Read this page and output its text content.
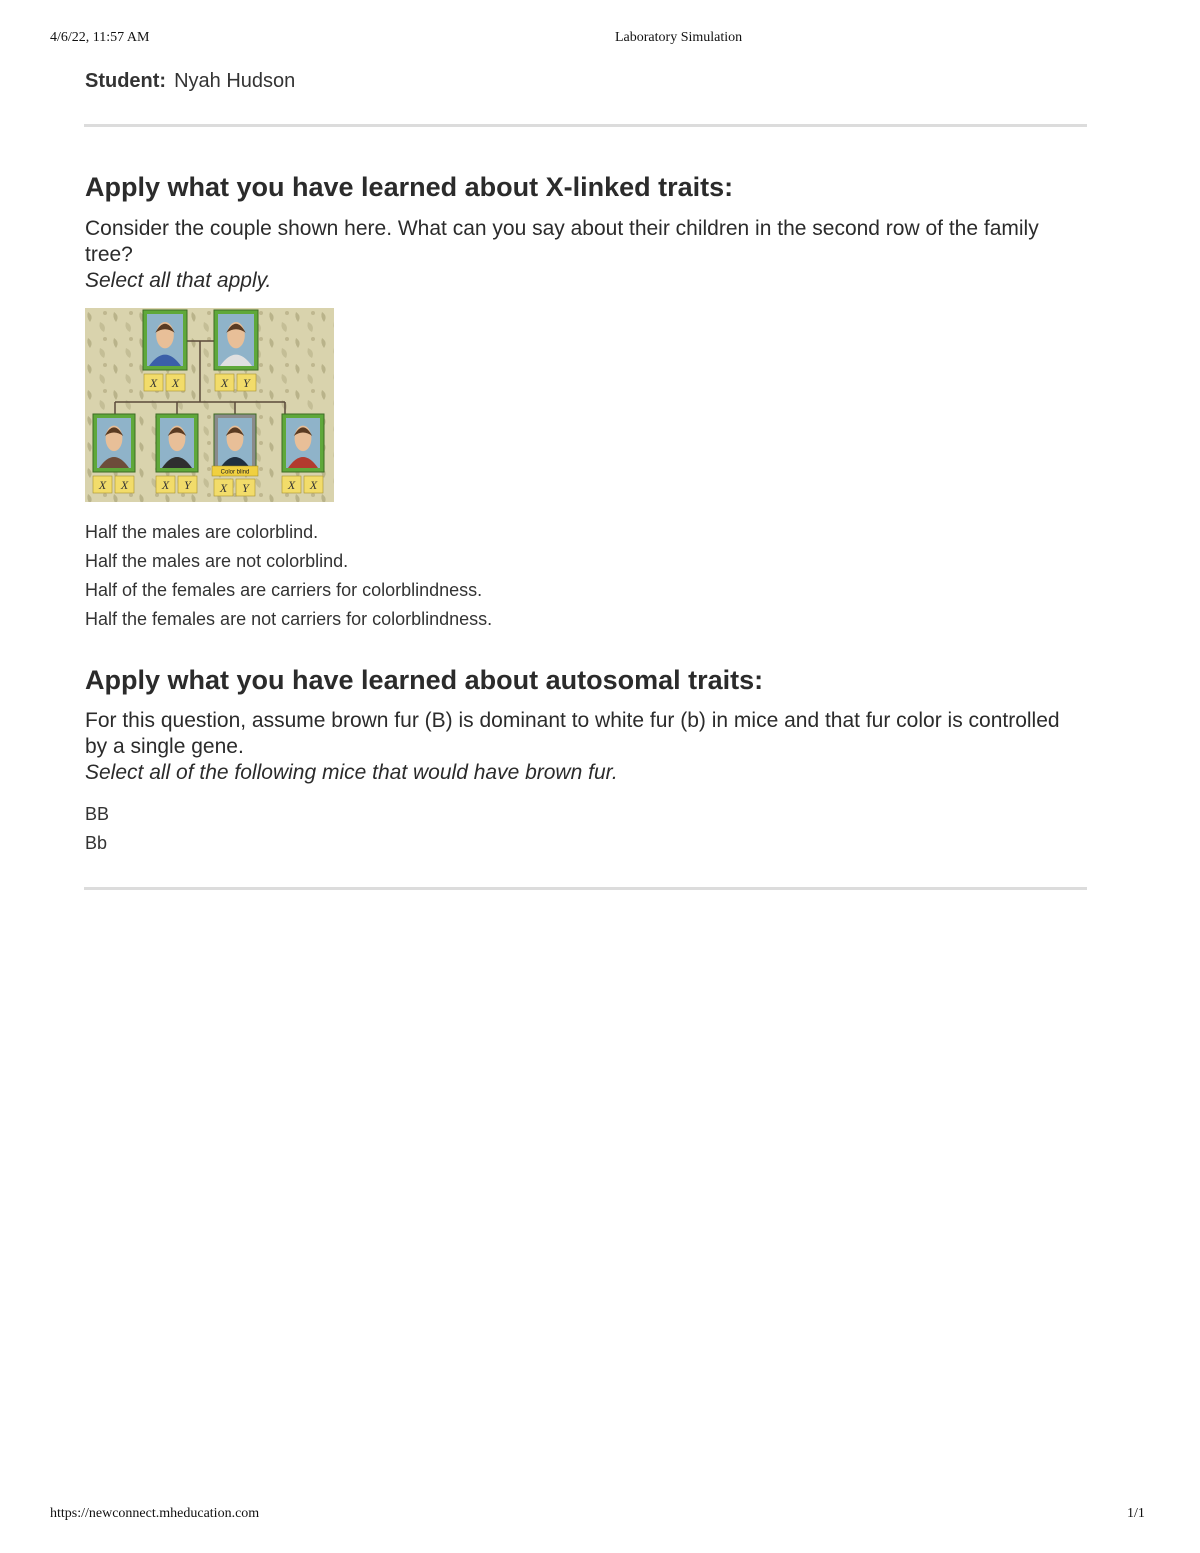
4/6/22, 11:57 AM	Laboratory Simulation
Student: Nyah Hudson
Apply what you have learned about X-linked traits:

Consider the couple shown here. What can you say about their children in the second row of the family tree?
Select all that apply.

X X	X Y
X X	X Y
Color blind
X Y	X X
Half the males are colorblind.
Half the males are not colorblind.
Half of the females are carriers for colorblindness.
Half the females are not carriers for colorblindness.
Apply what you have learned about autosomal traits:

For this question, assume brown fur (B) is dominant to white fur (b) in mice and that fur color is controlled by a single gene.
Select all of the following mice that would have brown fur.

BB
Bb
https://newconnect.mheducation.com	1/1
